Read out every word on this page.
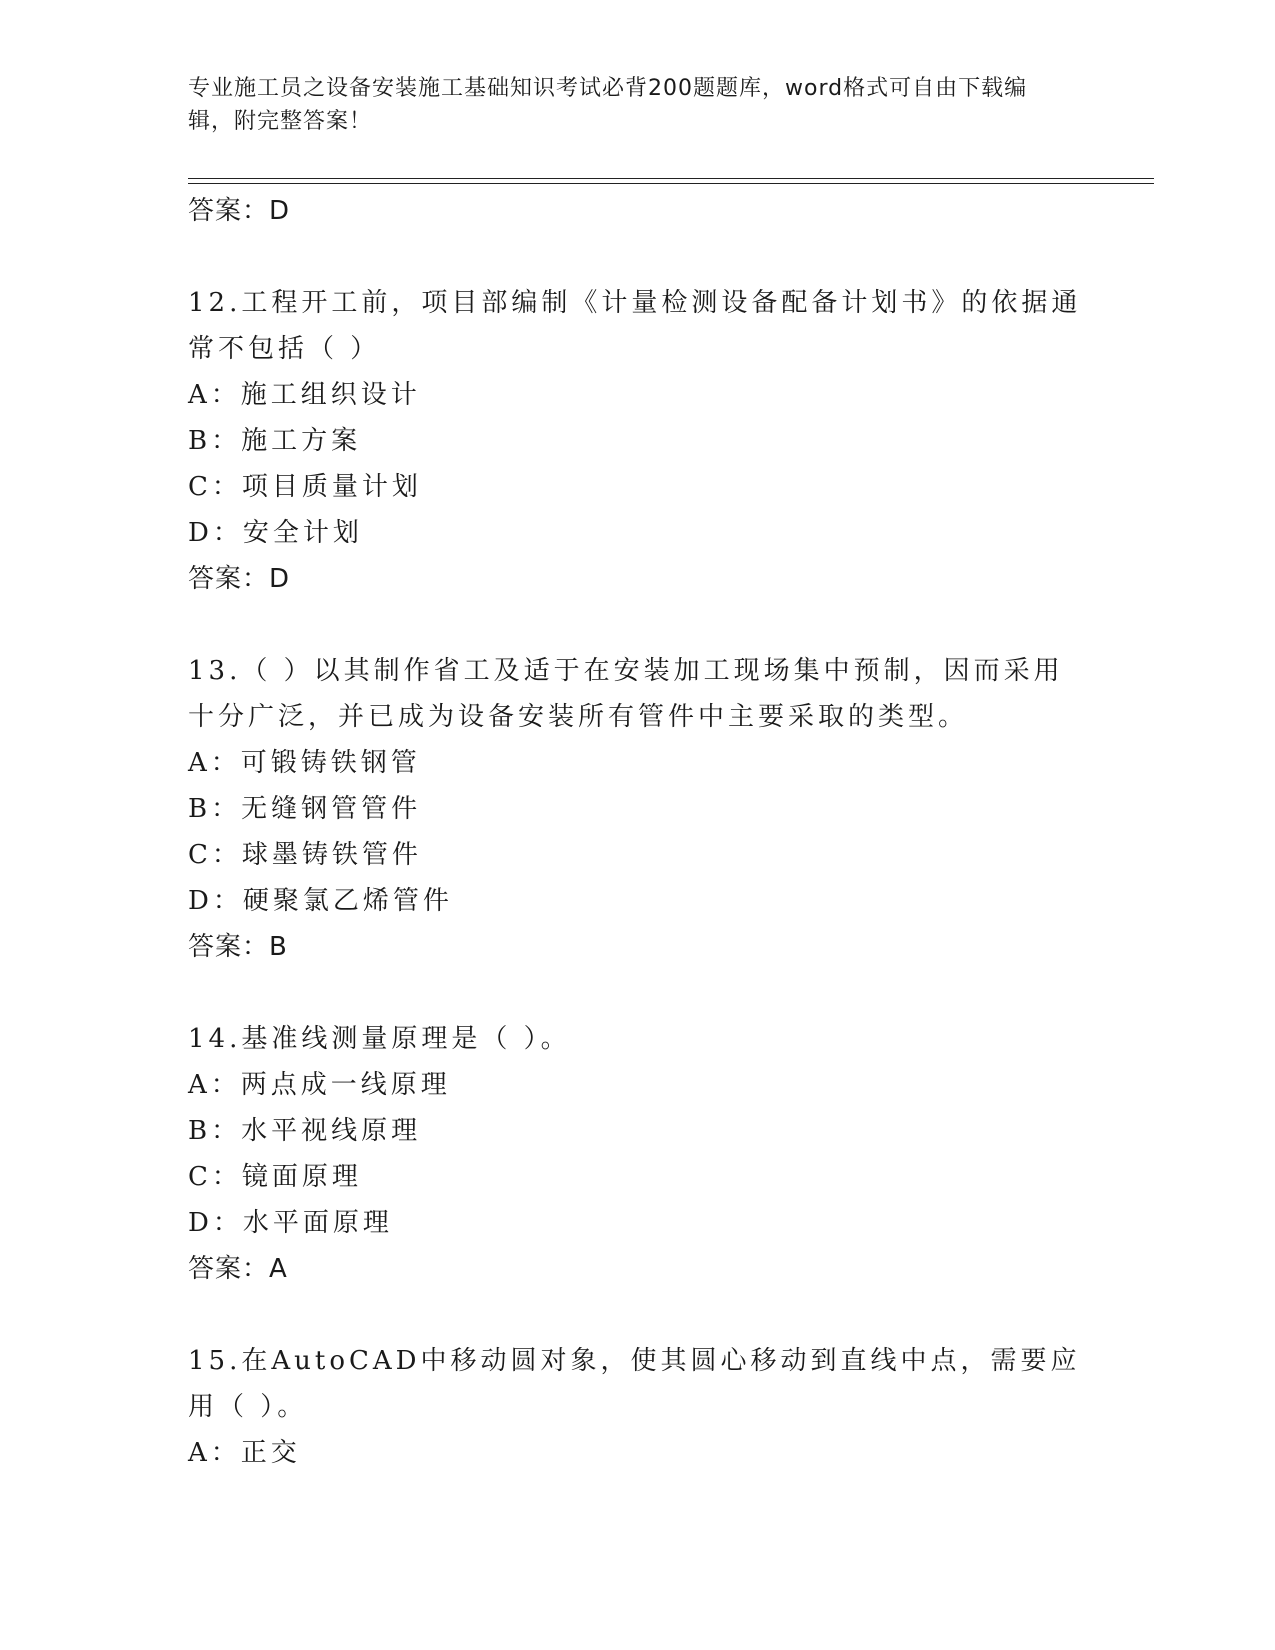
专业施工员之设备安装施工基础知识考试必背200题题库，word格式可自由下载编辑，附完整答案！
答案：D
12.工程开工前，项目部编制《计量检测设备配备计划书》的依据通常不包括（ ）
A：施工组织设计
B：施工方案
C：项目质量计划
D：安全计划
答案：D
13.（ ）以其制作省工及适于在安装加工现场集中预制，因而采用十分广泛，并已成为设备安装所有管件中主要采取的类型。
A：可锻铸铁钢管
B：无缝钢管管件
C：球墨铸铁管件
D：硬聚氯乙烯管件
答案：B
14.基准线测量原理是（ ）。
A：两点成一线原理
B：水平视线原理
C：镜面原理
D：水平面原理
答案：A
15.在AutoCAD中移动圆对象，使其圆心移动到直线中点，需要应用（ ）。
A：正交
